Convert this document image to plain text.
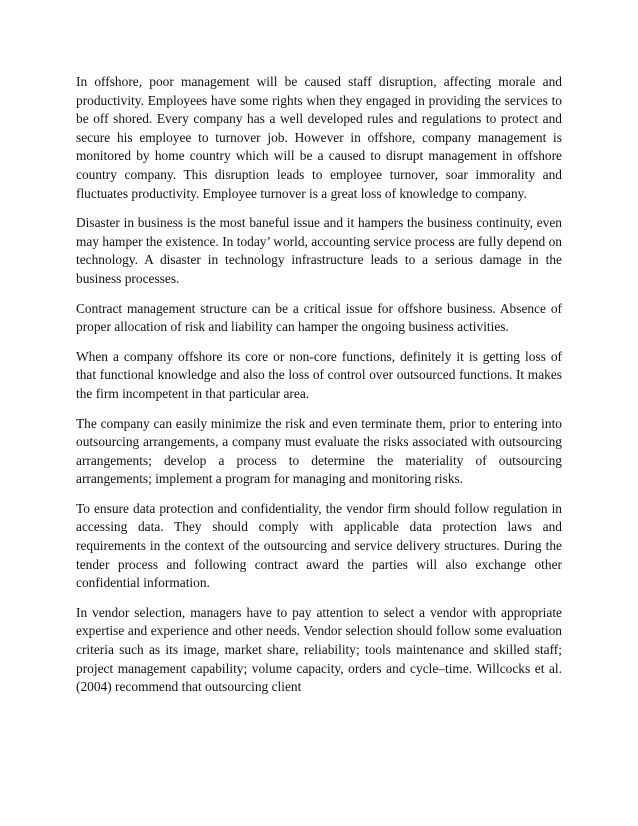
In offshore, poor management will be caused staff disruption, affecting morale and productivity. Employees have some rights when they engaged in providing the services to be off shored. Every company has a well developed rules and regulations to protect and secure his employee to turnover job. However in offshore, company management is monitored by home country which will be a caused to disrupt management in offshore country company. This disruption leads to employee turnover, soar immorality and fluctuates productivity. Employee turnover is a great loss of knowledge to company.

Disaster in business is the most baneful issue and it hampers the business continuity, even may hamper the existence. In today’ world, accounting service process are fully depend on technology. A disaster in technology infrastructure leads to a serious damage in the business processes.

Contract management structure can be a critical issue for offshore business. Absence of proper allocation of risk and liability can hamper the ongoing business activities.

When a company offshore its core or non-core functions, definitely it is getting loss of that functional knowledge and also the loss of control over outsourced functions. It makes the firm incompetent in that particular area.

The company can easily minimize the risk and even terminate them, prior to entering into outsourcing arrangements, a company must evaluate the risks associated with outsourcing arrangements; develop a process to determine the materiality of outsourcing arrangements; implement a program for managing and monitoring risks.

To ensure data protection and confidentiality, the vendor firm should follow regulation in accessing data. They should comply with applicable data protection laws and requirements in the context of the outsourcing and service delivery structures. During the tender process and following contract award the parties will also exchange other confidential information.

In vendor selection, managers have to pay attention to select a vendor with appropriate expertise and experience and other needs. Vendor selection should follow some evaluation criteria such as its image, market share, reliability; tools maintenance and skilled staff; project management capability; volume capacity, orders and cycle–time. Willcocks et al. (2004) recommend that outsourcing client
